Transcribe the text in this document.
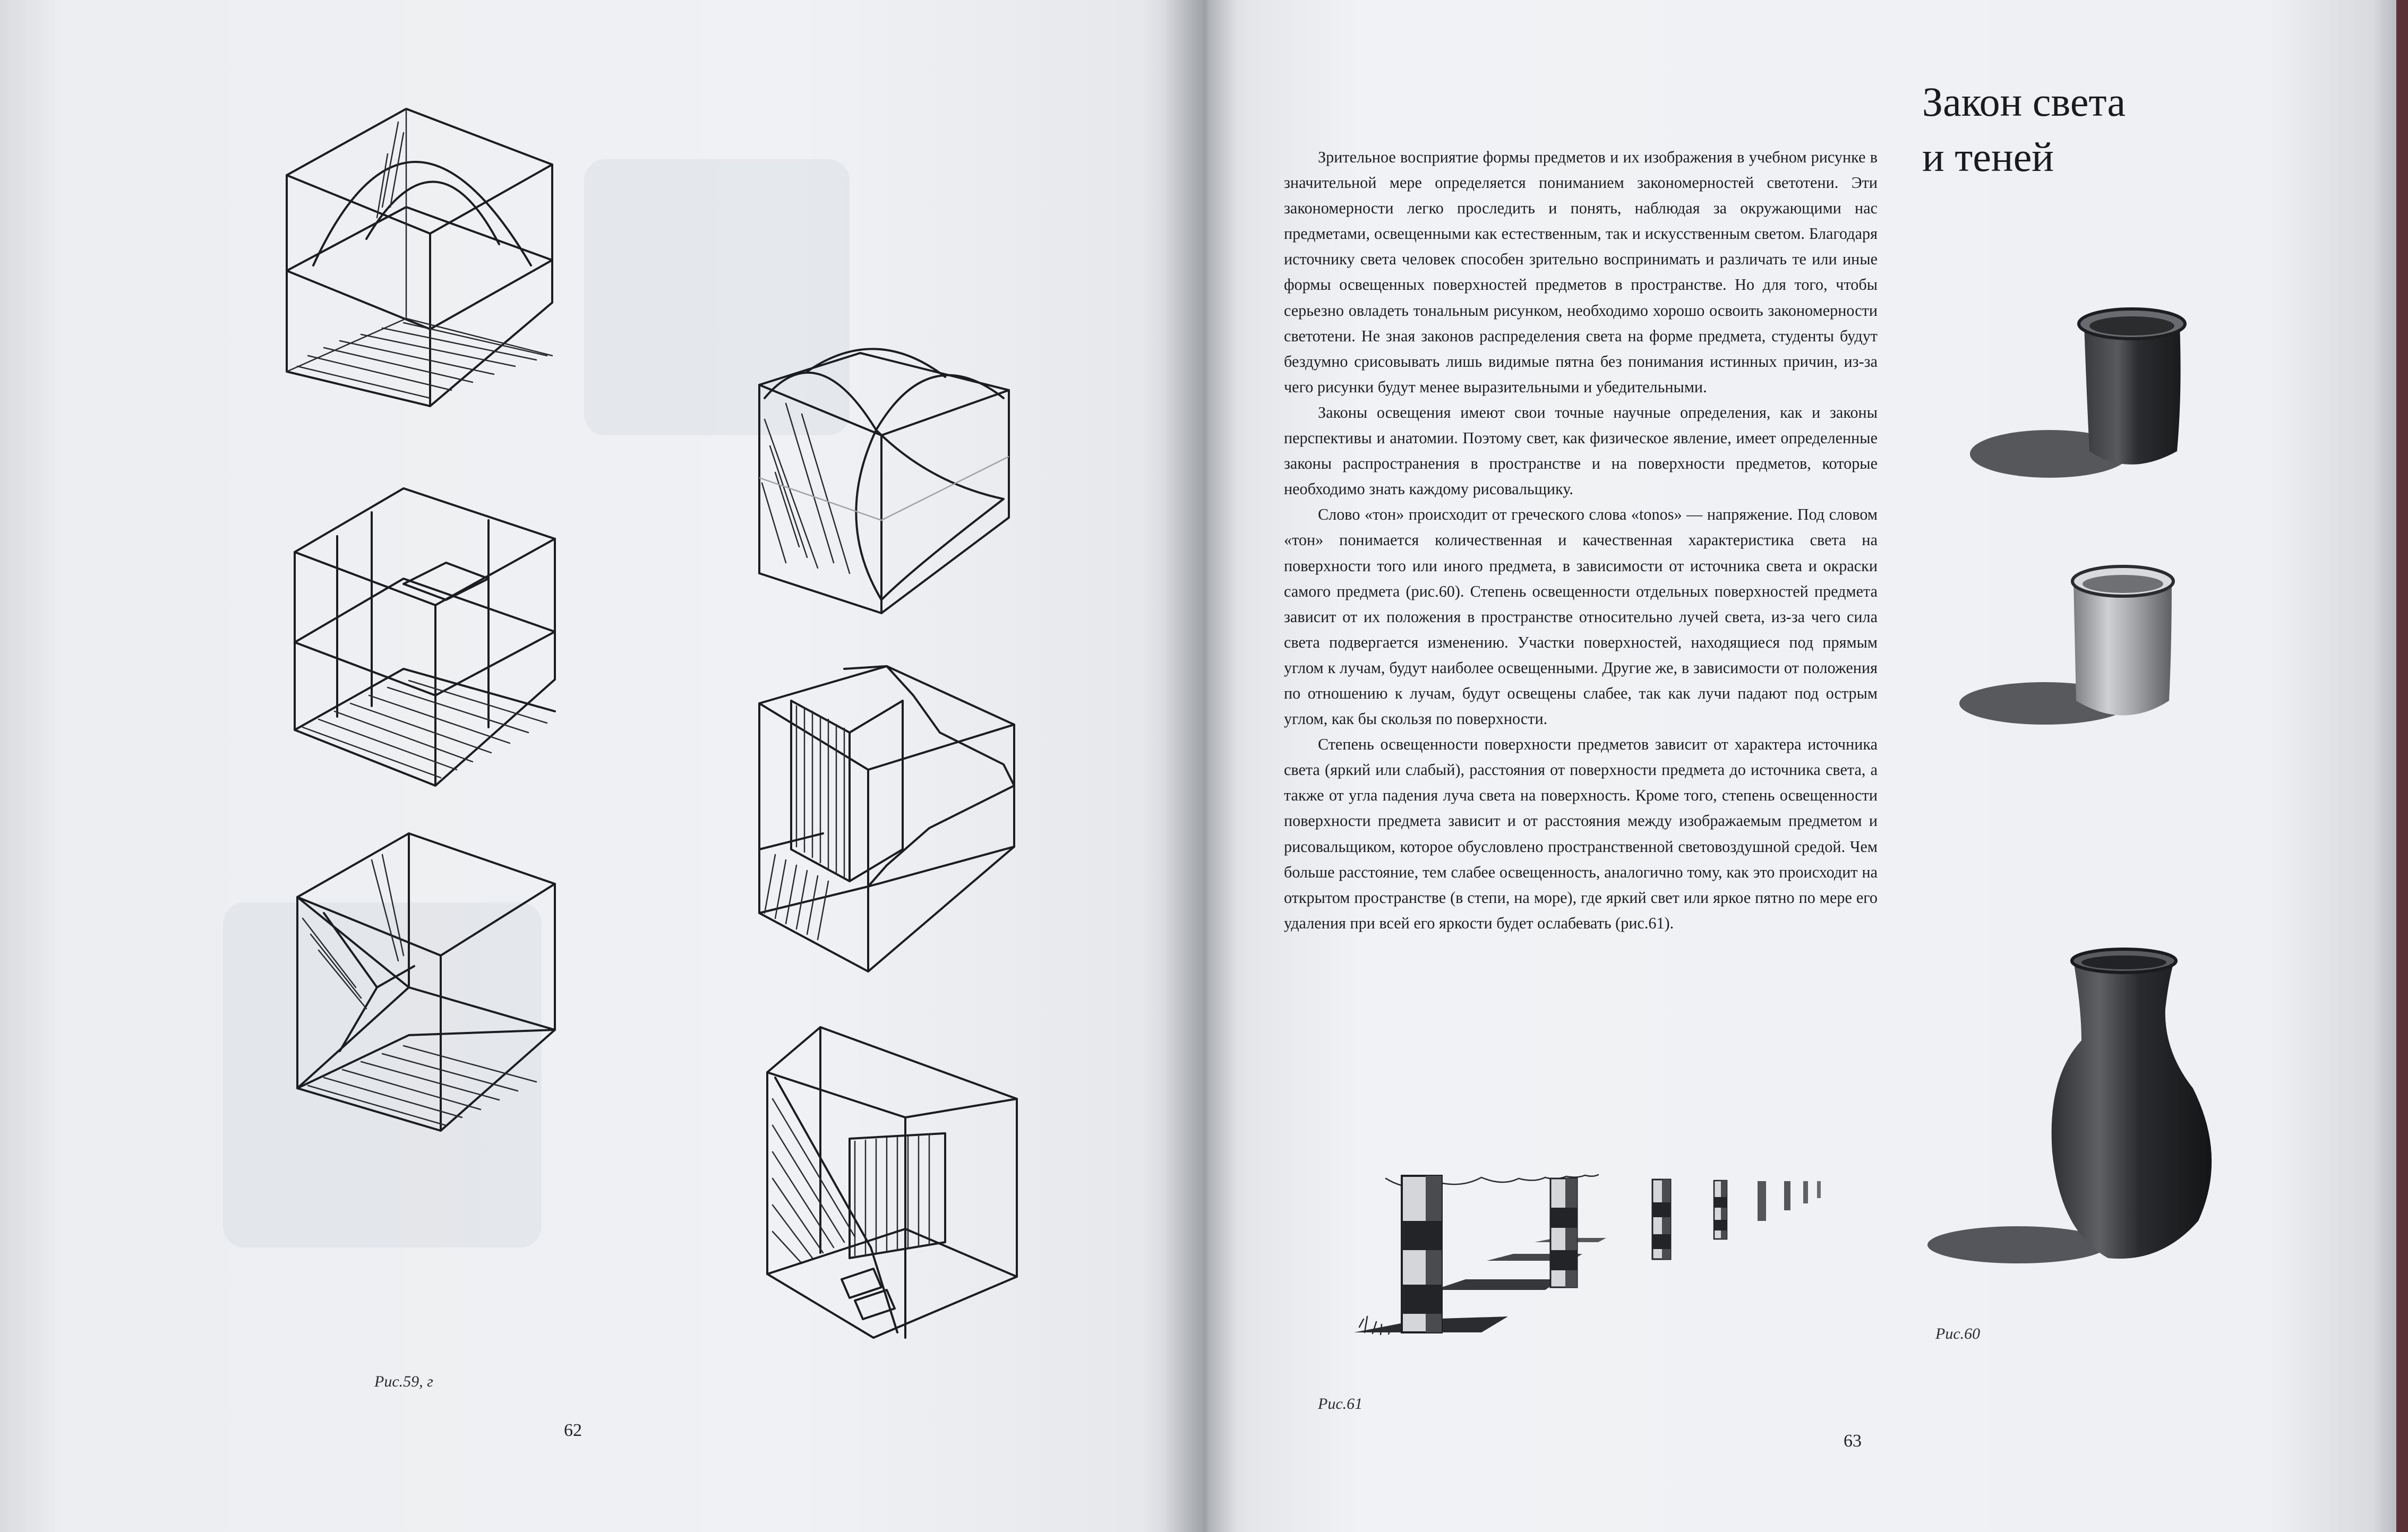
Рис.59, г

62

Закон света
и теней

Зрительное восприятие формы предметов и их изображения в учебном рисунке в значительной мере определяется пониманием закономерностей светотени. Эти закономерности легко проследить и понять, наблюдая за окружающими нас предметами, освещенными как естественным, так и искусственным светом. Благодаря источнику света человек способен зрительно воспринимать и различать те или иные формы освещенных поверхностей предметов в пространстве. Но для того, чтобы серьезно овладеть тональным рисунком, необходимо хорошо освоить закономерности светотени. Не зная законов распределения света на форме предмета, студенты будут бездумно срисовывать лишь видимые пятна без понимания истинных причин, из-за чего рисунки будут менее выразительными и убедительными.

Законы освещения имеют свои точные научные определения, как и законы перспективы и анатомии. Поэтому свет, как физическое явление, имеет определенные законы распространения в пространстве и на поверхности предметов, которые необходимо знать каждому рисовальщику.

Слово «тон» происходит от греческого слова «tonos» — напряжение. Под словом «тон» понимается количественная и качественная характеристика света на поверхности того или иного предмета, в зависимости от источника света и окраски самого предмета (рис.60). Степень освещенности отдельных поверхностей предмета зависит от их положения в пространстве относительно лучей света, из-за чего сила света подвергается изменению. Участки поверхностей, находящиеся под прямым углом к лучам, будут наиболее освещенными. Другие же, в зависимости от положения по отношению к лучам, будут освещены слабее, так как лучи падают под острым углом, как бы скользя по поверхности.

Степень освещенности поверхности предметов зависит от характера источника света (яркий или слабый), расстояния от поверхности предмета до источника света, а также от угла падения луча света на поверхность. Кроме того, степень освещенности поверхности предмета зависит и от расстояния между изображаемым предметом и рисовальщиком, которое обусловлено пространственной световоздушной средой. Чем больше расстояние, тем слабее освещенность, аналогично тому, как это происходит на открытом пространстве (в степи, на море), где яркий свет или яркое пятно по мере его удаления при всей его яркости будет ослабевать (рис.61).

Рис.61

Рис.60

63
